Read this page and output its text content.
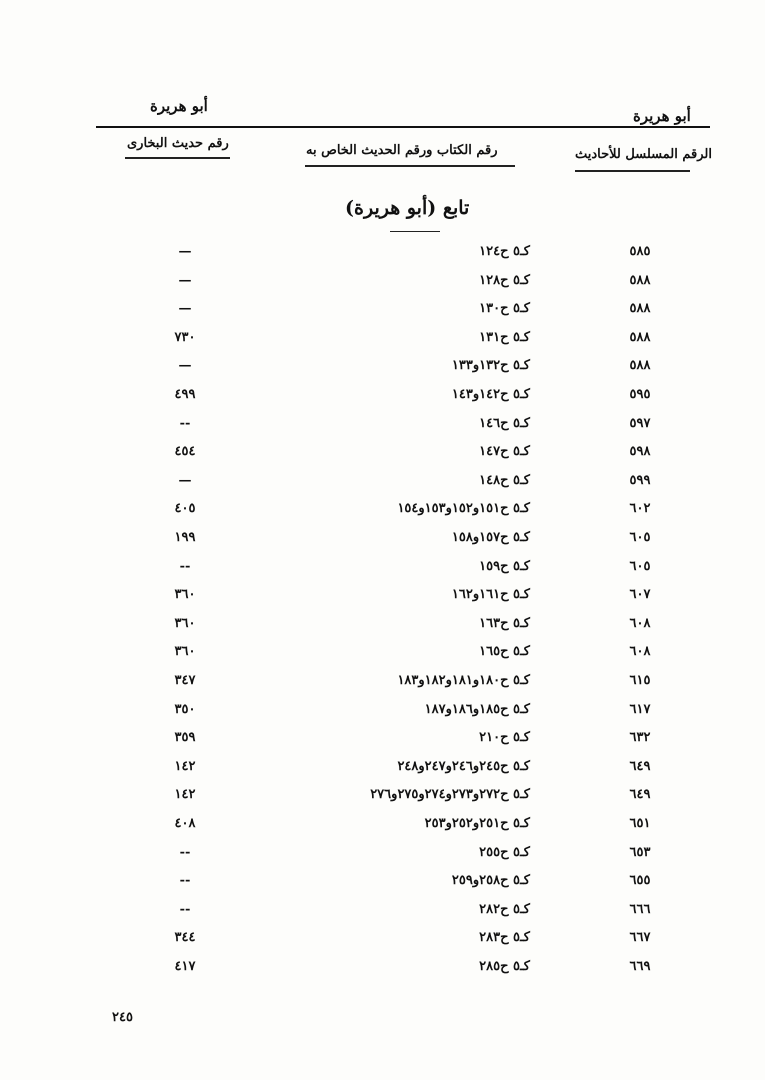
أبو هريرة
أبو هريرة
رقم حديث البخارى	رقم الكتاب ورقم الحديث الخاص به	الرقم المسلسل للأحاديث
(أبو هريرة) تابع
—	كـ٥ ح١٢٤	٥٨٥
—	كـ٥ ح١٢٨	٥٨٨
—	كـ٥ ح١٣٠	٥٨٨
٧٣٠	كـ٥ ح١٣١	٥٨٨
—	كـ٥ ح١٣٢و١٣٣	٥٨٨
٤٩٩	كـ٥ ح١٤٢و١٤٣	٥٩٥
--	كـ٥ ح١٤٦	٥٩٧
٤٥٤	كـ٥ ح١٤٧	٥٩٨
—	كـ٥ ح١٤٨	٥٩٩
٤٠٥	كـ٥ ح١٥١و١٥٢و١٥٣و١٥٤	٦٠٢
١٩٩	كـ٥ ح١٥٧و١٥٨	٦٠٥
--	كـ٥ ح١٥٩	٦٠٥
٣٦٠	كـ٥ ح١٦١و١٦٢	٦٠٧
٣٦٠	كـ٥ ح١٦٣	٦٠٨
٣٦٠	كـ٥ ح١٦٥	٦٠٨
٣٤٧	كـ٥ ح١٨٠و١٨١و١٨٢و١٨٣	٦١٥
٣٥٠	كـ٥ ح١٨٥و١٨٦و١٨٧	٦١٧
٣٥٩	كـ٥ ح٢١٠	٦٣٢
١٤٢	كـ٥ ح٢٤٥و٢٤٦و٢٤٧و٢٤٨	٦٤٩
١٤٢	كـ٥ ح٢٧٢و٢٧٣و٢٧٤و٢٧٥و٢٧٦	٦٤٩
٤٠٨	كـ٥ ح٢٥١و٢٥٢و٢٥٣	٦٥١
--	كـ٥ ح٢٥٥	٦٥٣
--	كـ٥ ح٢٥٨و٢٥٩	٦٥٥
--	كـ٥ ح٢٨٢	٦٦٦
٣٤٤	كـ٥ ح٢٨٣	٦٦٧
٤١٧	كـ٥ ح٢٨٥	٦٦٩
٢٤٥
